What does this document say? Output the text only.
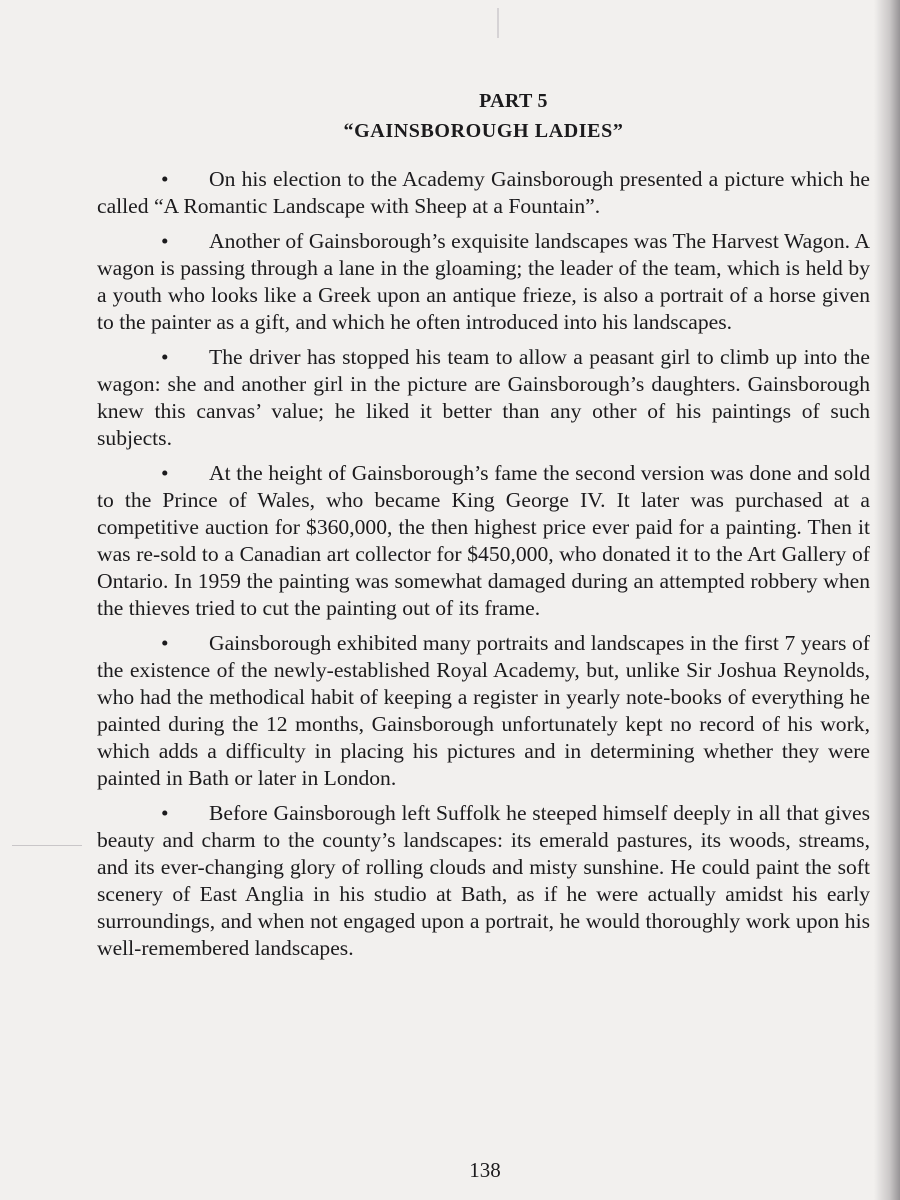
PART 5
“GAINSBOROUGH LADIES”

• On his election to the Academy Gainsborough presented a picture which he called “A Romantic Landscape with Sheep at a Fountain”.

• Another of Gainsborough’s exquisite landscapes was The Harvest Wagon. A wagon is passing through a lane in the gloaming; the leader of the team, which is held by a youth who looks like a Greek upon an antique frieze, is also a portrait of a horse given to the painter as a gift, and which he often introduced into his landscapes.

• The driver has stopped his team to allow a peasant girl to climb up into the wagon: she and another girl in the picture are Gainsborough’s daughters. Gainsborough knew this canvas’ value; he liked it better than any other of his paintings of such subjects.

• At the height of Gainsborough’s fame the second version was done and sold to the Prince of Wales, who became King George IV. It later was purchased at a competitive auction for $360,000, the then highest price ever paid for a painting. Then it was re-sold to a Canadian art collector for $450,000, who donated it to the Art Gallery of Ontario. In 1959 the painting was somewhat damaged during an attempted robbery when the thieves tried to cut the painting out of its frame.

• Gainsborough exhibited many portraits and landscapes in the first 7 years of the existence of the newly-established Royal Academy, but, unlike Sir Joshua Reynolds, who had the methodical habit of keeping a register in yearly note-books of everything he painted during the 12 months, Gainsborough unfortunately kept no record of his work, which adds a difficulty in placing his pictures and in determining whether they were painted in Bath or later in London.

• Before Gainsborough left Suffolk he steeped himself deeply in all that gives beauty and charm to the county’s landscapes: its emerald pastures, its woods, streams, and its ever-changing glory of rolling clouds and misty sunshine. He could paint the soft scenery of East Anglia in his studio at Bath, as if he were actually amidst his early surroundings, and when not engaged upon a portrait, he would thoroughly work upon his well-remembered landscapes.

138
